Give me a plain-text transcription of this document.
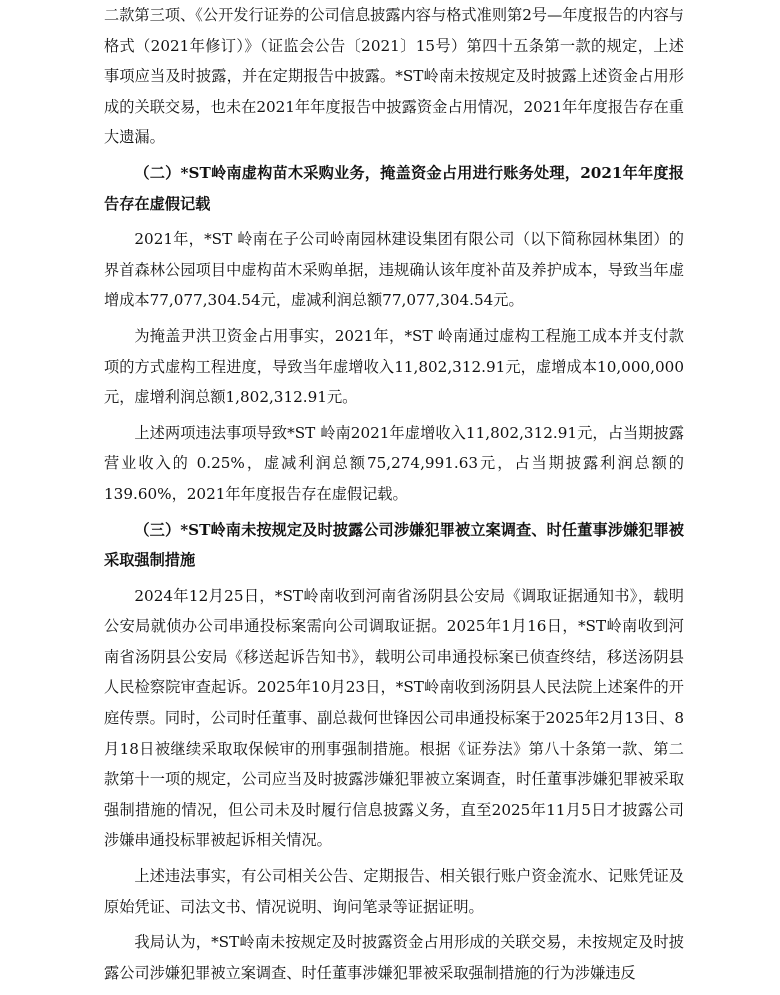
二款第三项、《公开发行证券的公司信息披露内容与格式准则第2号—年度报告的内容与格式（2021年修订）》（证监会公告〔2021〕15号）第四十五条第一款的规定，上述事项应当及时披露，并在定期报告中披露。*ST岭南未按规定及时披露上述资金占用形成的关联交易，也未在2021年年度报告中披露资金占用情况，2021年年度报告存在重大遗漏。

（二）*ST岭南虚构苗木采购业务，掩盖资金占用进行账务处理，2021年年度报告存在虚假记载

2021年，*ST 岭南在子公司岭南园林建设集团有限公司（以下简称园林集团）的界首森林公园项目中虚构苗木采购单据，违规确认该年度补苗及养护成本，导致当年虚增成本77,077,304.54元，虚减利润总额77,077,304.54元。

为掩盖尹洪卫资金占用事实，2021年，*ST 岭南通过虚构工程施工成本并支付款项的方式虚构工程进度，导致当年虚增收入11,802,312.91元，虚增成本10,000,000元，虚增利润总额1,802,312.91元。

上述两项违法事项导致*ST 岭南2021年虚增收入11,802,312.91元，占当期披露营业收入的 0.25%，虚减利润总额75,274,991.63元，占当期披露利润总额的139.60%，2021年年度报告存在虚假记载。

（三）*ST岭南未按规定及时披露公司涉嫌犯罪被立案调查、时任董事涉嫌犯罪被采取强制措施

2024年12月25日，*ST岭南收到河南省汤阴县公安局《调取证据通知书》，载明公安局就侦办公司串通投标案需向公司调取证据。2025年1月16日，*ST岭南收到河南省汤阴县公安局《移送起诉告知书》，载明公司串通投标案已侦查终结，移送汤阴县人民检察院审查起诉。2025年10月23日，*ST岭南收到汤阴县人民法院上述案件的开庭传票。同时，公司时任董事、副总裁何世锋因公司串通投标案于2025年2月13日、8月18日被继续采取取保候审的刑事强制措施。根据《证券法》第八十条第一款、第二款第十一项的规定，公司应当及时披露涉嫌犯罪被立案调查，时任董事涉嫌犯罪被采取强制措施的情况，但公司未及时履行信息披露义务，直至2025年11月5日才披露公司涉嫌串通投标罪被起诉相关情况。

上述违法事实，有公司相关公告、定期报告、相关银行账户资金流水、记账凭证及原始凭证、司法文书、情况说明、询问笔录等证据证明。

我局认为，*ST岭南未按规定及时披露资金占用形成的关联交易，未按规定及时披露公司涉嫌犯罪被立案调查、时任董事涉嫌犯罪被采取强制措施的行为涉嫌违反
